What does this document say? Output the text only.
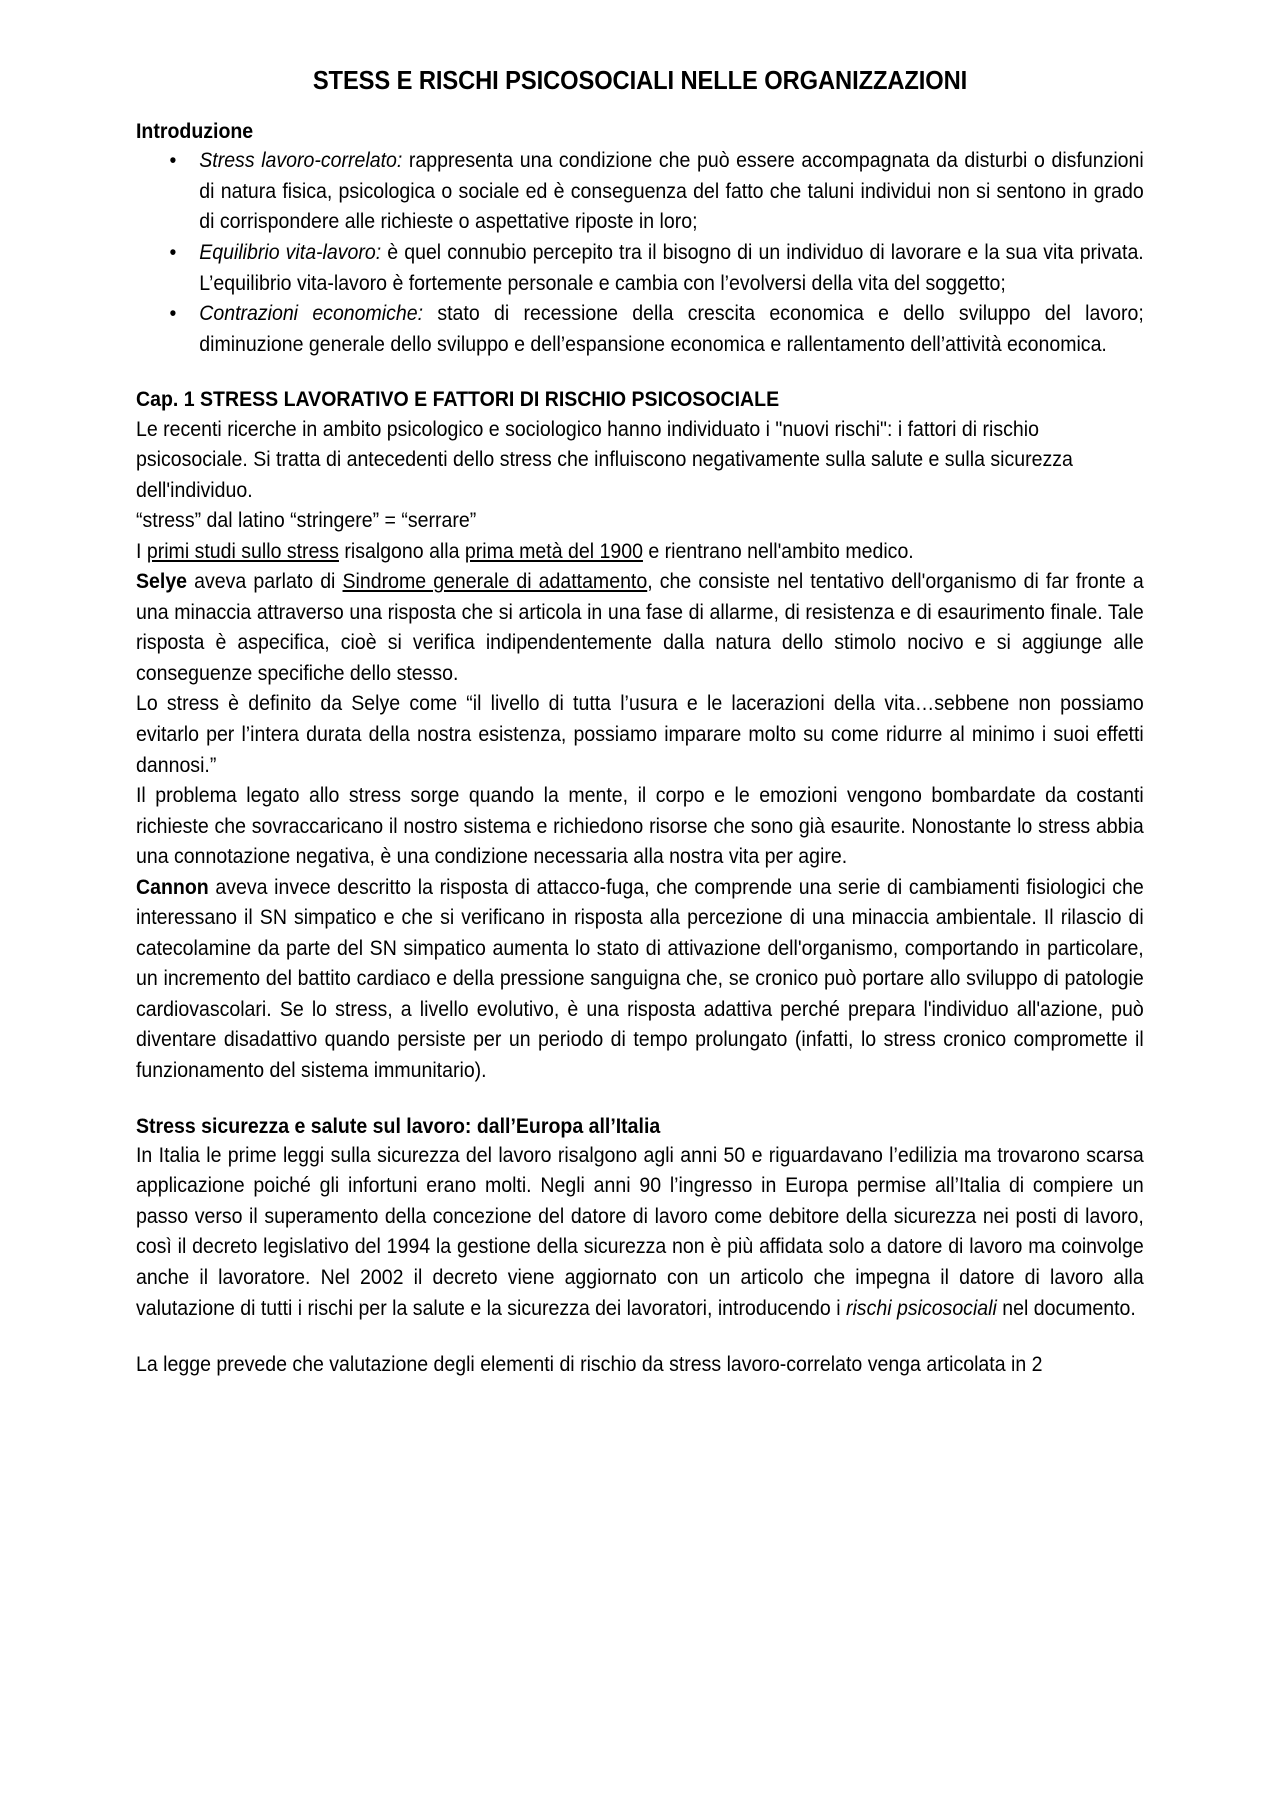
STESS E RISCHI PSICOSOCIALI NELLE ORGANIZZAZIONI
Introduzione
• Stress lavoro-correlato: rappresenta una condizione che può essere accompagnata da disturbi o disfunzioni di natura fisica, psicologica o sociale ed è conseguenza del fatto che taluni individui non si sentono in grado di corrispondere alle richieste o aspettative riposte in loro;
• Equilibrio vita-lavoro: è quel connubio percepito tra il bisogno di un individuo di lavorare e la sua vita privata. L’equilibrio vita-lavoro è fortemente personale e cambia con l’evolversi della vita del soggetto;
• Contrazioni economiche: stato di recessione della crescita economica e dello sviluppo del lavoro; diminuzione generale dello sviluppo e dell’espansione economica e rallentamento dell’attività economica.
Cap. 1 STRESS LAVORATIVO E FATTORI DI RISCHIO PSICOSOCIALE

Le recenti ricerche in ambito psicologico e sociologico hanno individuato i "nuovi rischi": i fattori di rischio psicosociale. Si tratta di antecedenti dello stress che influiscono negativamente sulla salute e sulla sicurezza dell'individuo.

“stress” dal latino “stringere” = “serrare”

I primi studi sullo stress risalgono alla prima metà del 1900 e rientrano nell'ambito medico.

Selye aveva parlato di Sindrome generale di adattamento, che consiste nel tentativo dell'organismo di far fronte a una minaccia attraverso una risposta che si articola in una fase di allarme, di resistenza e di esaurimento finale. Tale risposta è aspecifica, cioè si verifica indipendentemente dalla natura dello stimolo nocivo e si aggiunge alle conseguenze specifiche dello stesso.

Lo stress è definito da Selye come “il livello di tutta l’usura e le lacerazioni della vita…sebbene non possiamo evitarlo per l’intera durata della nostra esistenza, possiamo imparare molto su come ridurre al minimo i suoi effetti dannosi.”

Il problema legato allo stress sorge quando la mente, il corpo e le emozioni vengono bombardate da costanti richieste che sovraccaricano il nostro sistema e richiedono risorse che sono già esaurite. Nonostante lo stress abbia una connotazione negativa, è una condizione necessaria alla nostra vita per agire.

Cannon aveva invece descritto la risposta di attacco-fuga, che comprende una serie di cambiamenti fisiologici che interessano il SN simpatico e che si verificano in risposta alla percezione di una minaccia ambientale. Il rilascio di catecolamine da parte del SN simpatico aumenta lo stato di attivazione dell'organismo, comportando in particolare, un incremento del battito cardiaco e della pressione sanguigna che, se cronico può portare allo sviluppo di patologie cardiovascolari. Se lo stress, a livello evolutivo, è una risposta adattiva perché prepara l'individuo all'azione, può diventare disadattivo quando persiste per un periodo di tempo prolungato (infatti, lo stress cronico compromette il funzionamento del sistema immunitario).

Stress sicurezza e salute sul lavoro: dall’Europa all’Italia

In Italia le prime leggi sulla sicurezza del lavoro risalgono agli anni 50 e riguardavano l’edilizia ma trovarono scarsa applicazione poiché gli infortuni erano molti. Negli anni 90 l’ingresso in Europa permise all’Italia di compiere un passo verso il superamento della concezione del datore di lavoro come debitore della sicurezza nei posti di lavoro, così il decreto legislativo del 1994 la gestione della sicurezza non è più affidata solo a datore di lavoro ma coinvolge anche il lavoratore. Nel 2002 il decreto viene aggiornato con un articolo che impegna il datore di lavoro alla valutazione di tutti i rischi per la salute e la sicurezza dei lavoratori, introducendo i rischi psicosociali nel documento.

La legge prevede che valutazione degli elementi di rischio da stress lavoro-correlato venga articolata in 2
